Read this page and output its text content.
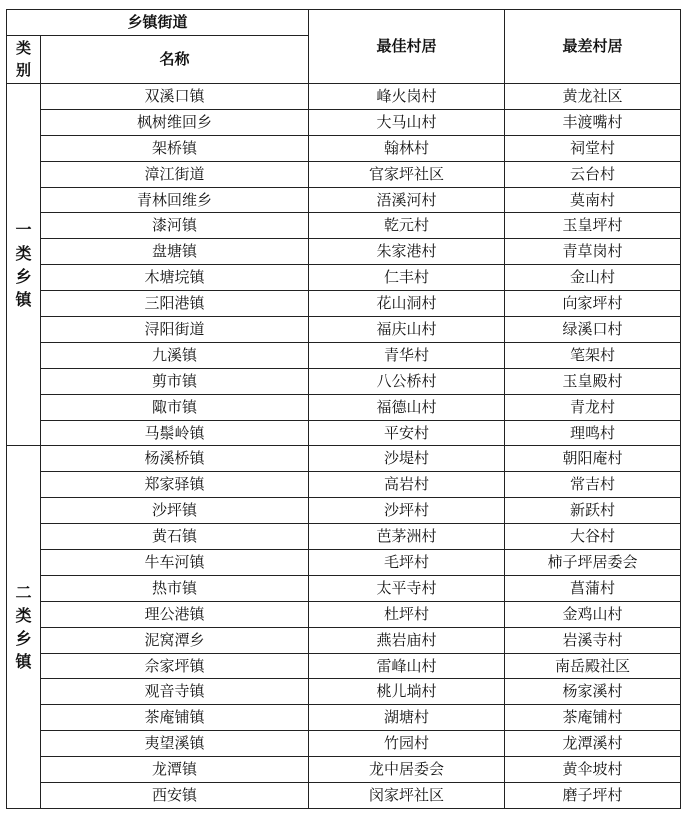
乡镇街道		最佳村居	最差村居

类
别	名称		

一
类
乡
镇	双溪口镇	峰火岗村	黄龙社区
	枫树维回乡	大马山村	丰渡嘴村
	架桥镇	翰林村	祠堂村
	漳江街道	官家坪社区	云台村
	青林回维乡	浯溪河村	莫南村
	漆河镇	乾元村	玉皇坪村
	盘塘镇	朱家港村	青草岗村
	木塘垸镇	仁丰村	金山村
	三阳港镇	花山洞村	向家坪村
	浔阳街道	福庆山村	绿溪口村
	九溪镇	青华村	笔架村
	剪市镇	八公桥村	玉皇殿村
	陬市镇	福德山村	青龙村
	马鬃岭镇	平安村	理鸣村

二
类
乡
镇	杨溪桥镇	沙堤村	朝阳庵村
	郑家驿镇	高岩村	常吉村
	沙坪镇	沙坪村	新跃村
	黄石镇	芭茅洲村	大谷村
	牛车河镇	毛坪村	柿子坪居委会
	热市镇	太平寺村	菖蒲村
	理公港镇	杜坪村	金鸡山村
	泥窝潭乡	燕岩庙村	岩溪寺村
	佘家坪镇	雷峰山村	南岳殿社区
	观音寺镇	桃儿埫村	杨家溪村
	茶庵铺镇	湖塘村	茶庵铺村
	夷望溪镇	竹园村	龙潭溪村
	龙潭镇	龙中居委会	黄伞坡村
	西安镇	闵家坪社区	磨子坪村
